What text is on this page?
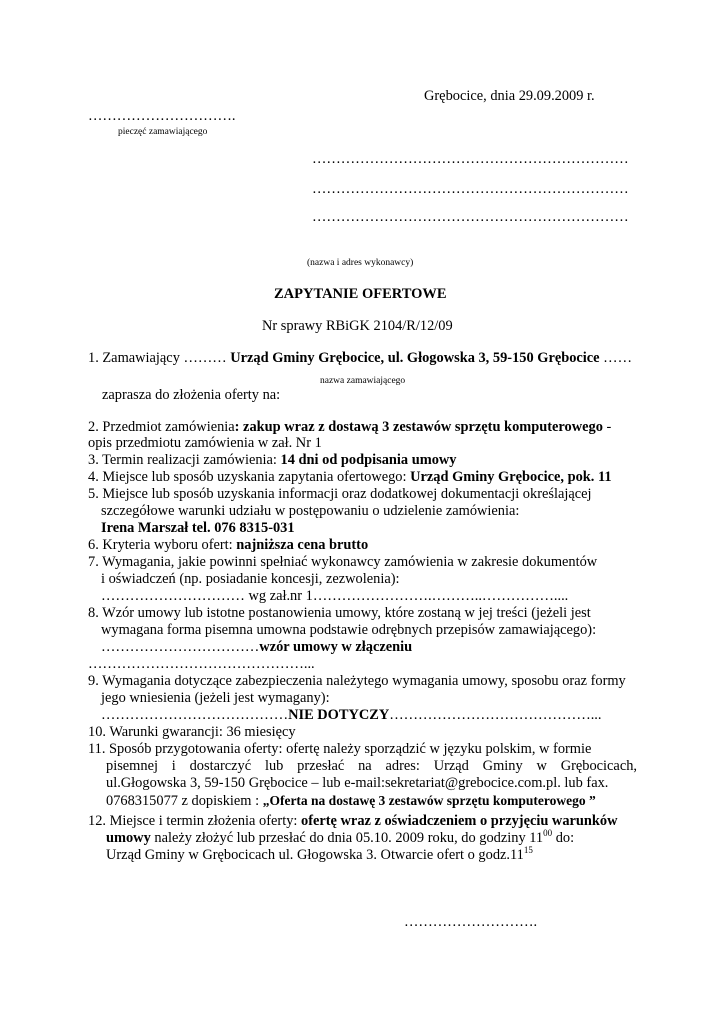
Grębocice, dnia 29.09.2009 r.
………………………….
pieczęć zamawiającego
…………………………………………………………
…………………………………………………………
…………………………………………………………
(nazwa i adres wykonawcy)
ZAPYTANIE OFERTOWE
Nr sprawy RBiGK 2104/R/12/09
1. Zamawiający ……… Urząd Gminy Grębocice, ul. Głogowska 3, 59-150 Grębocice ……
nazwa zamawiającego
zaprasza do złożenia oferty na:
2. Przedmiot zamówienia: zakup wraz z dostawą 3 zestawów sprzętu komputerowego -
opis przedmiotu zamówienia w zał. Nr 1
3. Termin realizacji zamówienia: 14 dni od podpisania umowy
4. Miejsce lub sposób uzyskania zapytania ofertowego: Urząd Gminy Grębocice, pok. 11
5. Miejsce lub sposób uzyskania informacji oraz dodatkowej dokumentacji określającej
szczegółowe warunki udziału w postępowaniu o udzielenie zamówienia:
Irena Marszał tel. 076 8315-031
6. Kryteria wyboru ofert: najniższa cena brutto
7. Wymagania, jakie powinni spełniać wykonawcy zamówienia w zakresie dokumentów
i oświadczeń (np. posiadanie koncesji, zezwolenia):
………………………… wg zał.nr 1…………………….………..……………....
8. Wzór umowy lub istotne postanowienia umowy, które zostaną w jej treści (jeżeli jest
wymagana forma pisemna umowna podstawie odrębnych przepisów zamawiającego):
……………………………wzór umowy w złączeniu
………………………………………...
9. Wymagania dotyczące zabezpieczenia należytego wymagania umowy, sposobu oraz formy
jego wniesienia (jeżeli jest wymagany):
…………………………………NIE DOTYCZY……………………………………...
10. Warunki gwarancji: 36 miesięcy
11. Sposób przygotowania oferty: ofertę należy sporządzić w języku polskim, w formie
pisemnej i dostarczyć lub przesłać na adres: Urząd Gminy w Grębocicach,
ul.Głogowska 3, 59-150 Grębocice – lub e-mail:sekretariat@grebocice.com.pl. lub fax.
0768315077 z dopiskiem : „Oferta na dostawę 3 zestawów sprzętu komputerowego ”
12. Miejsce i termin złożenia oferty: ofertę wraz z oświadczeniem o przyjęciu warunków
umowy należy złożyć lub przesłać do dnia 05.10. 2009 roku, do godziny $11^{00}$ do:
Urząd Gminy w Grębocicach ul. Głogowska 3. Otwarcie ofert o $godz.11^{15}$
……………………….
